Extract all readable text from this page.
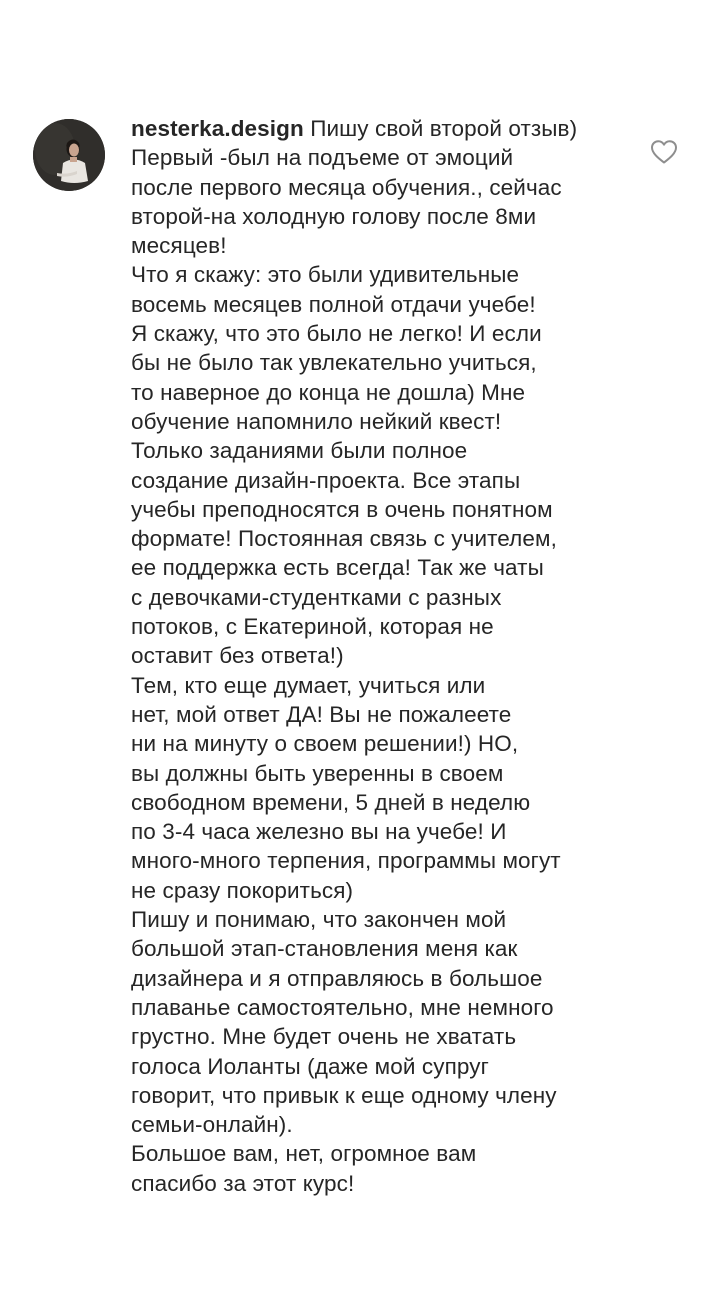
nesterka.design Пишу свой второй отзыв)
Первый -был на подъеме от эмоций
после первого месяца обучения., сейчас
второй-на холодную голову после 8ми
месяцев!
Что я скажу: это были удивительные
восемь месяцев полной отдачи учебе!
Я скажу, что это было не легко! И если
бы не было так увлекательно учиться,
то наверное до конца не дошла) Мне
обучение напомнило нейкий квест!
Только заданиями были полное
создание дизайн-проекта. Все этапы
учебы преподносятся в очень понятном
формате! Постоянная связь с учителем,
ее поддержка есть всегда! Так же чаты
с девочками-студентками с разных
потоков, с Екатериной, которая не
оставит без ответа!)
Тем, кто еще думает, учиться или
нет, мой ответ ДА! Вы не пожалеете
ни на минуту о своем решении!) НО,
вы должны быть уверенны в своем
свободном времени, 5 дней в неделю
по 3-4 часа железно вы на учебе! И
много-много терпения, программы могут
не сразу покориться)
Пишу и понимаю, что закончен мой
большой этап-становления меня как
дизайнера и я отправляюсь в большое
плаванье самостоятельно, мне немного
грустно. Мне будет очень не хватать
голоса Иоланты (даже мой супруг
говорит, что привык к еще одному члену
семьи-онлайн).
Большое вам, нет, огромное вам
спасибо за этот курс!
